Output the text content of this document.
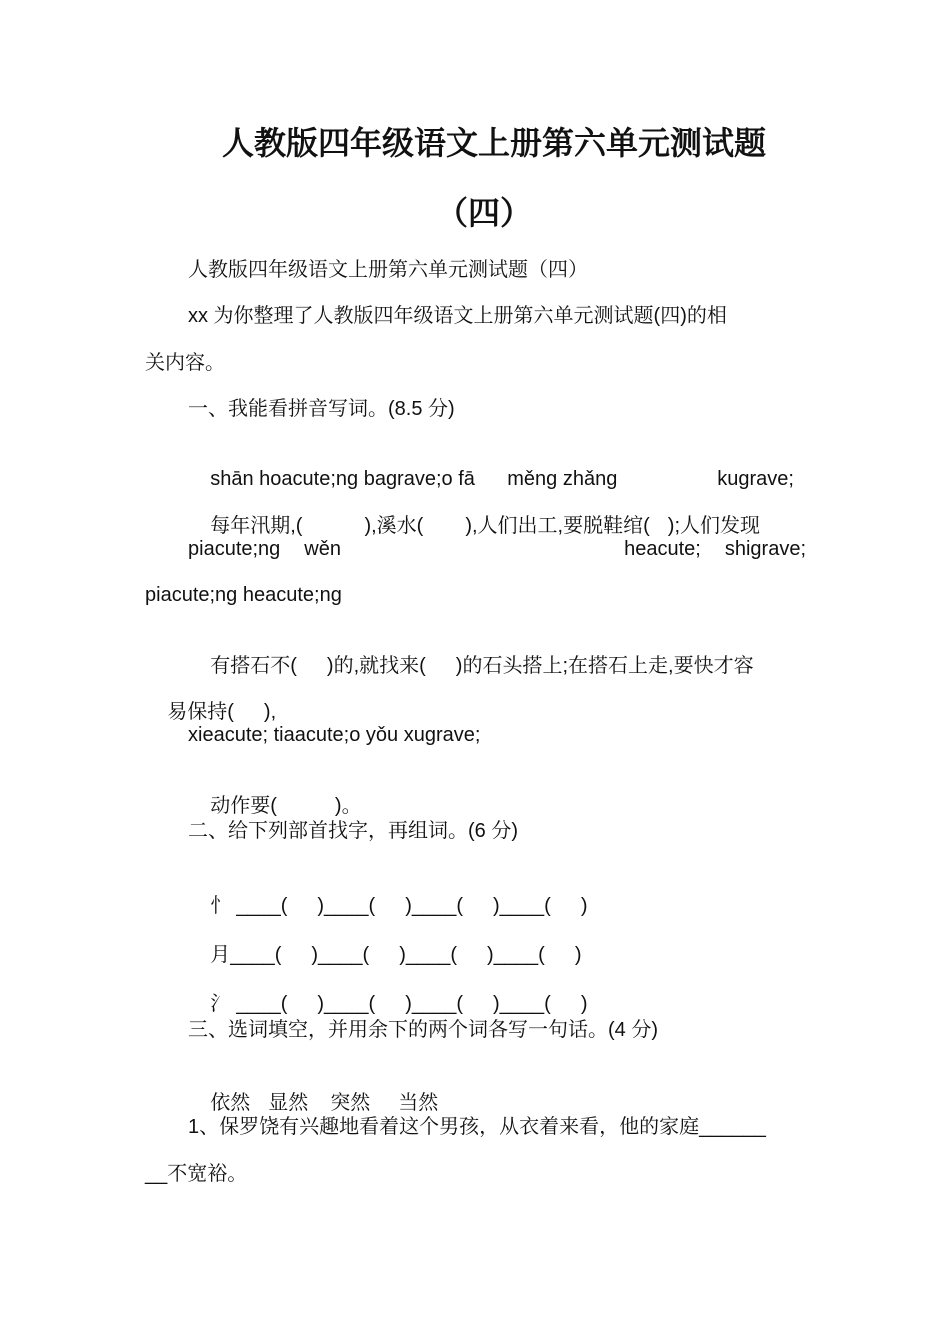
人教版四年级语文上册第六单元测试题
（四）
人教版四年级语文上册第六单元测试题（四）
xx 为你整理了人教版四年级语文上册第六单元测试题(四)的相
关内容。
一、我能看拼音写词。(8.5 分)

shān hoacute;ng bagrave;o fā
	měng zhǎng
	kugrave;

每年汛期,(	),溪水( ),人们出工,要脱鞋绾( );人们发现

piacute;ng wěn	heacute; shigrave;
piacute;ng heacute;ng

有搭石不( )的,就找来( )的石头搭上;在搭石上走,要快才容

易保持( ),

xieacute; tiaacute;o yǒu xugrave;

动作要(	)。

二、给下列部首找字，再组词。(6 分)

忄 ____( )____( )____( )____( )

月____( )____( )____( )____( )

氵 ____( )____( )____( )____( )

三、选词填空，并用余下的两个词各写一句话。(4 分)

依然 显然 突然 当然

1、保罗饶有兴趣地看着这个男孩，从衣着来看，他的家庭______
__不宽裕。
